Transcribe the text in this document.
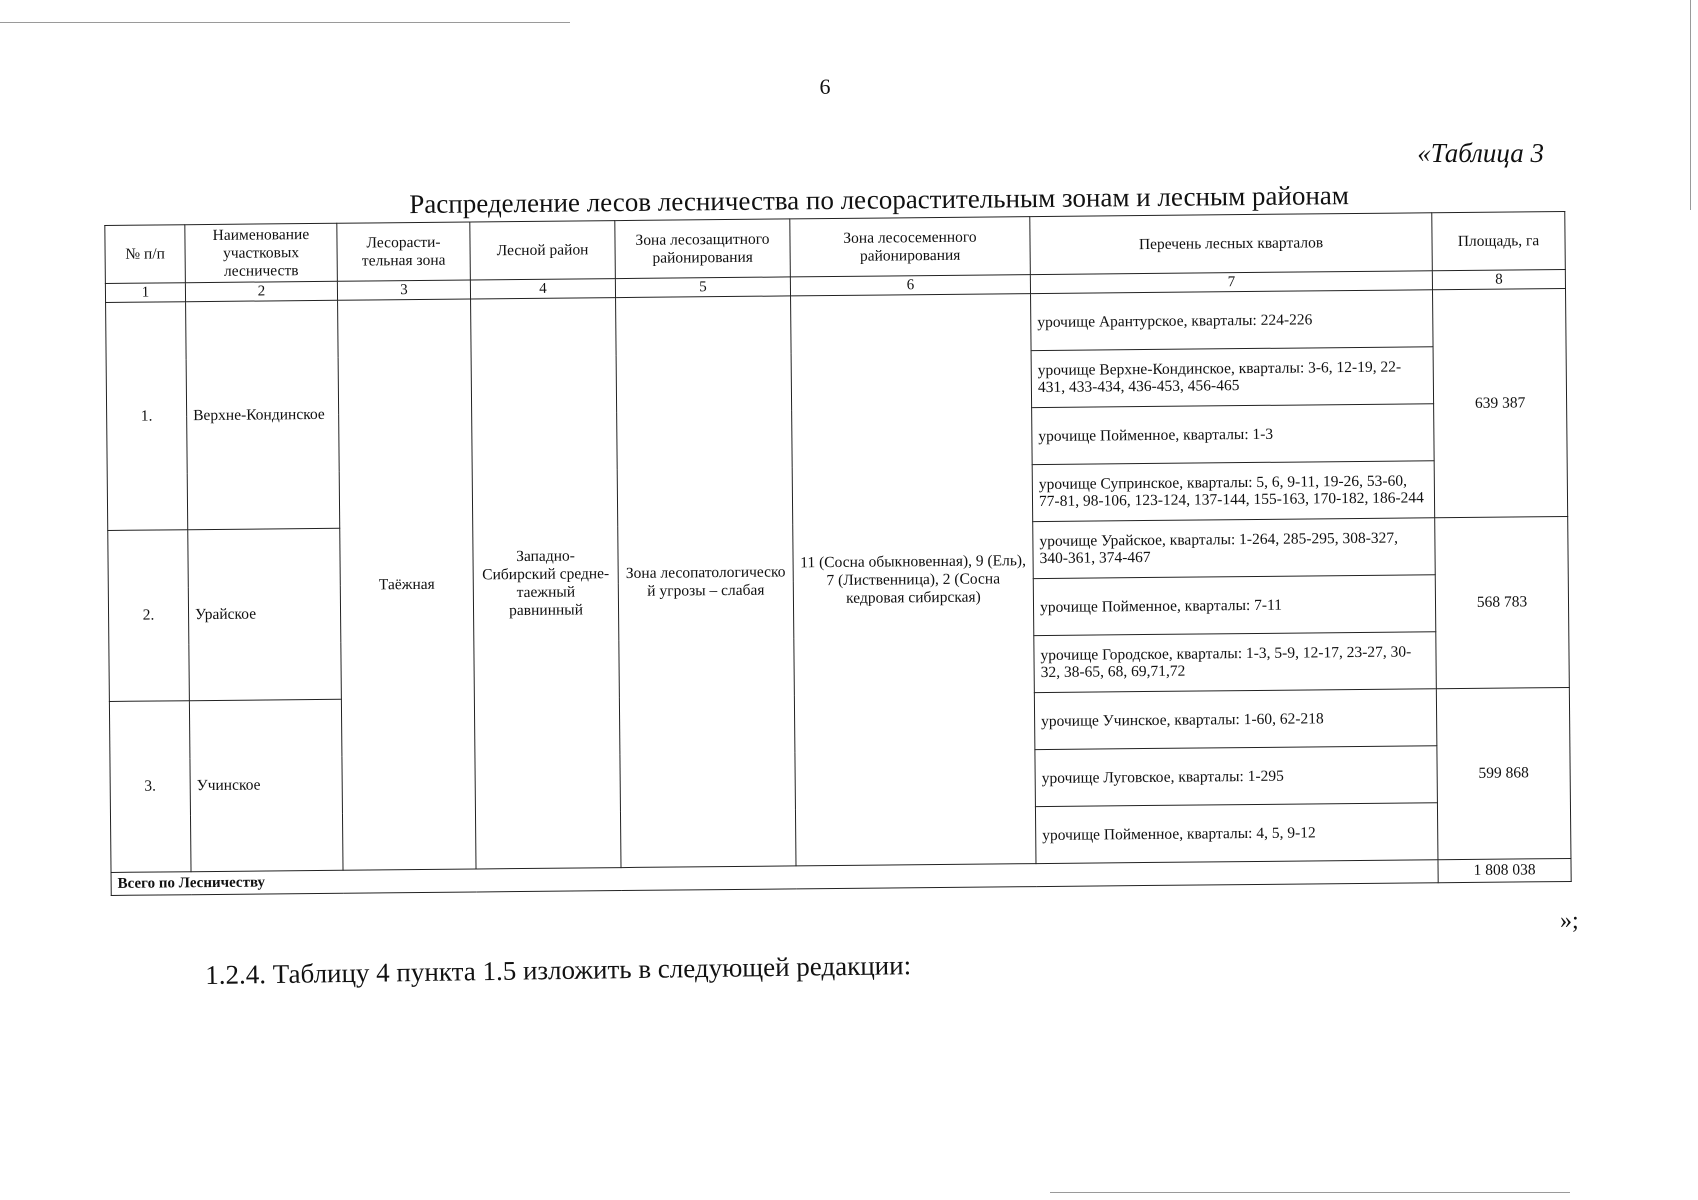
6
«Таблица 3
Распределение лесов лесничества по лесорастительным зонам и лесным районам
№ п/п	Наименование участковых лесничеств	Лесорасти-тельная зона	Лесной район	Зона лесозащитного районирования	Зона лесосеменного районирования	Перечень лесных кварталов	Площадь, га
1	2	3	4	5	6	7	8
1.	Верхне-Кондинское	Таёжная	Западно-Сибирский средне-таежный равнинный	Зона лесопатологическо й угрозы – слабая	11 (Сосна обыкновенная), 9 (Ель), 7 (Лиственница), 2 (Сосна кедровая сибирская)	урочище Арантурское, кварталы: 224-226	639 387
						урочище Верхне-Кондинское, кварталы: 3-6, 12-19, 22-431, 433-434, 436-453, 456-465	
						урочище Пойменное, кварталы: 1-3	
						урочище Супринское, кварталы: 5, 6, 9-11, 19-26, 53-60, 77-81, 98-106, 123-124, 137-144, 155-163, 170-182, 186-244	
2.	Урайское					урочище Урайское, кварталы: 1-264, 285-295, 308-327, 340-361, 374-467	568 783
						урочище Пойменное, кварталы: 7-11	
						урочище Городское, кварталы: 1-3, 5-9, 12-17, 23-27, 30-32, 38-65, 68, 69,71,72	
3.	Учинское					урочище Учинское, кварталы: 1-60, 62-218	599 868
						урочище Луговское, кварталы: 1-295	
						урочище Пойменное, кварталы: 4, 5, 9-12	
Всего по Лесничеству							1 808 038
»;
1.2.4. Таблицу 4 пункта 1.5 изложить в следующей редакции:
